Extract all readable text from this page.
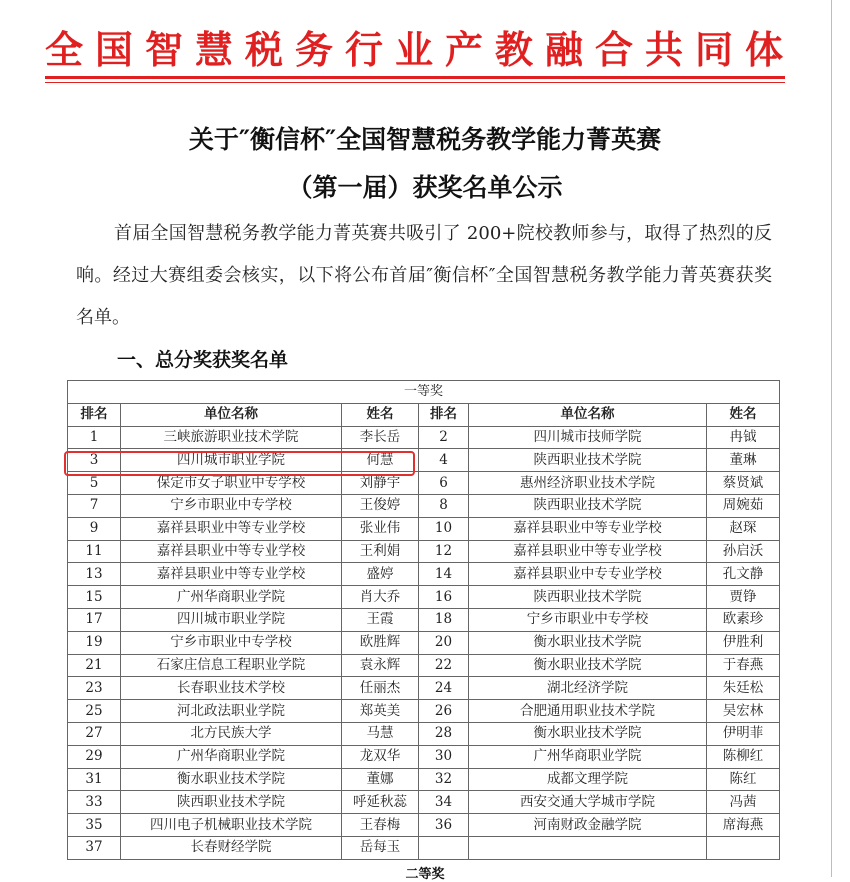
全国智慧税务行业产教融合共同体
关于″衡信杯″全国智慧税务教学能力菁英赛
（第一届）获奖名单公示
首届全国智慧税务教学能力菁英赛共吸引了 200+院校教师参与，取得了热烈的反响。经过大赛组委会核实，以下将公布首届″衡信杯″全国智慧税务教学能力菁英赛获奖名单。
一、总分奖获奖名单
一等奖					
排名	单位名称	姓名	排名	单位名称	姓名
1	三峡旅游职业技术学院	李长岳	2	四川城市技师学院	冉钺
3	四川城市职业学院	何慧	4	陕西职业技术学院	董琳
5	保定市女子职业中专学校	刘静宇	6	惠州经济职业技术学院	蔡贤斌
7	宁乡市职业中专学校	王俊婷	8	陕西职业技术学院	周婉茹
9	嘉祥县职业中等专业学校	张业伟	10	嘉祥县职业中等专业学校	赵琛
11	嘉祥县职业中等专业学校	王利娟	12	嘉祥县职业中等专业学校	孙启沃
13	嘉祥县职业中等专业学校	盛婷	14	嘉祥县职业中专专业学校	孔文静
15	广州华商职业学院	肖大乔	16	陕西职业技术学院	贾铮
17	四川城市职业学院	王霞	18	宁乡市职业中专学校	欧素珍
19	宁乡市职业中专学校	欧胜辉	20	衡水职业技术学院	伊胜利
21	石家庄信息工程职业学院	袁永辉	22	衡水职业技术学院	于春燕
23	长春职业技术学校	任丽杰	24	湖北经济学院	朱廷松
25	河北政法职业学院	郑英美	26	合肥通用职业技术学院	吴宏林
27	北方民族大学	马慧	28	衡水职业技术学院	伊明菲
29	广州华商职业学院	龙双华	30	广州华商职业学院	陈柳红
31	衡水职业技术学院	董娜	32	成都文理学院	陈红
33	陕西职业技术学院	呼延秋蕊	34	西安交通大学城市学院	冯茜
35	四川电子机械职业技术学院	王春梅	36	河南财政金融学院	席海燕
37	长春财经学院	岳每玉			
二等奖
